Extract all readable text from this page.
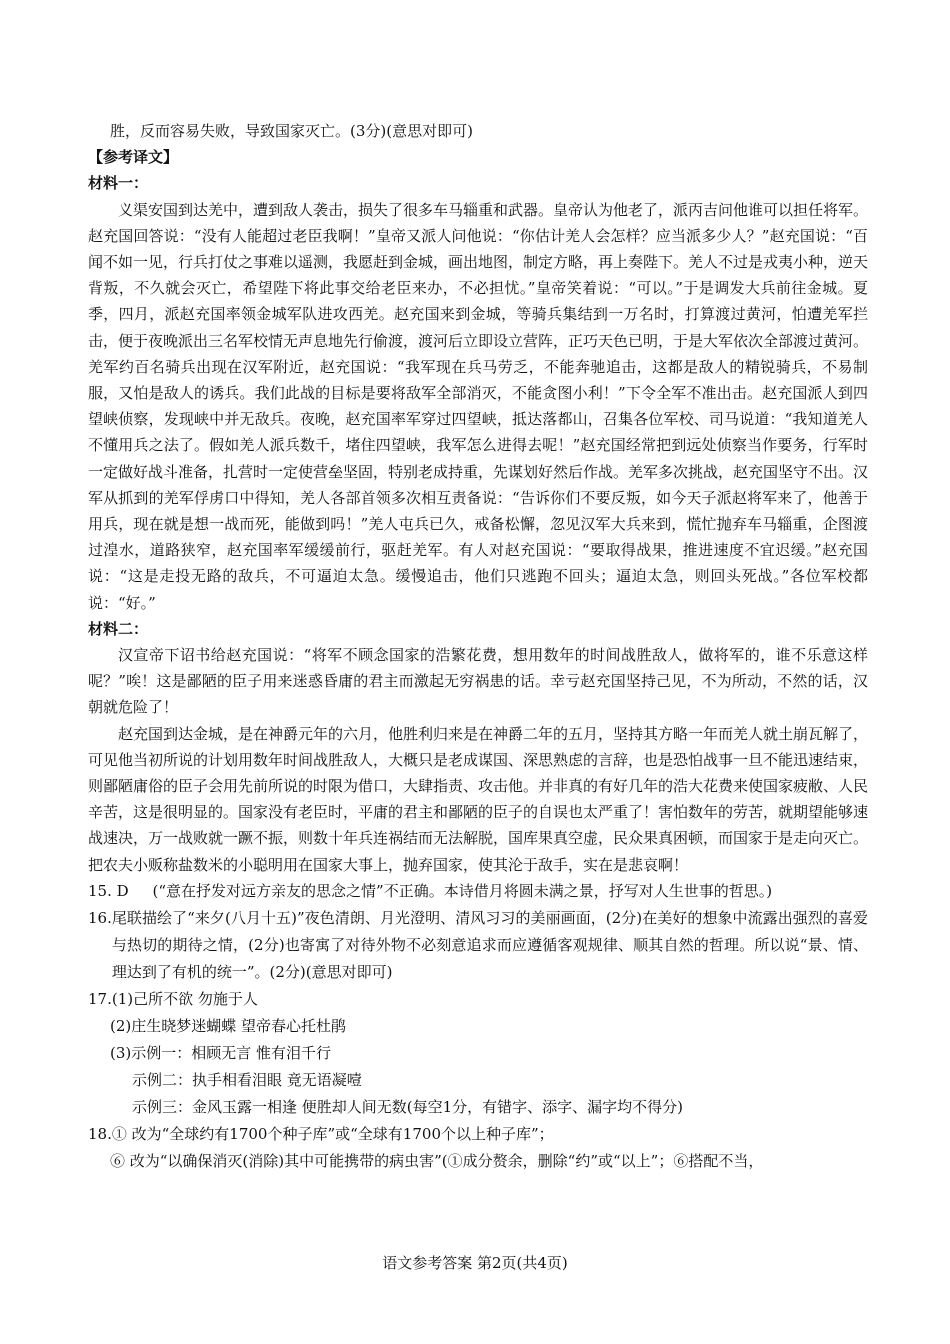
胜，反而容易失败，导致国家灭亡。(3分)(意思对即可)

【参考译文】

材料一：

义渠安国到达羌中，遭到敌人袭击，损失了很多车马辎重和武器。皇帝认为他老了，派丙吉问他谁可以担任将军。赵充国回答说：“没有人能超过老臣我啊！”皇帝又派人问他说：“你估计羌人会怎样？应当派多少人？”赵充国说：“百闻不如一见，行兵打仗之事难以遥测，我愿赶到金城，画出地图，制定方略，再上奏陛下。羌人不过是戎夷小种，逆天背叛，不久就会灭亡，希望陛下将此事交给老臣来办，不必担忧。”皇帝笑着说：“可以。”于是调发大兵前往金城。夏季，四月，派赵充国率领金城军队进攻西羌。赵充国来到金城，等骑兵集结到一万名时，打算渡过黄河，怕遭羌军拦击，便于夜晚派出三名军校情无声息地先行偷渡，渡河后立即设立营阵，正巧天色已明，于是大军依次全部渡过黄河。羌军约百名骑兵出现在汉军附近，赵充国说：“我军现在兵马劳乏，不能奔驰追击，这都是敌人的精锐骑兵，不易制服，又怕是敌人的诱兵。我们此战的目标是要将敌军全部消灭，不能贪图小利！”下令全军不准出击。赵充国派人到四望峡侦察，发现峡中并无敌兵。夜晚，赵充国率军穿过四望峡，抵达落都山，召集各位军校、司马说道：“我知道羌人不懂用兵之法了。假如羌人派兵数千，堵住四望峡，我军怎么进得去呢！”赵充国经常把到远处侦察当作要务，行军时一定做好战斗准备，扎营时一定使营垒坚固，特别老成持重，先谋划好然后作战。羌军多次挑战，赵充国坚守不出。汉军从抓到的羌军俘虏口中得知，羌人各部首领多次相互责备说：“告诉你们不要反叛，如今天子派赵将军来了，他善于用兵，现在就是想一战而死，能做到吗！”羌人屯兵已久，戒备松懈，忽见汉军大兵来到，慌忙抛弃车马辎重，企图渡过湟水，道路狭窄，赵充国率军缓缓前行，驱赶羌军。有人对赵充国说：“要取得战果，推进速度不宜迟缓。”赵充国说：“这是走投无路的敌兵，不可逼迫太急。缓慢追击，他们只逃跑不回头；逼迫太急，则回头死战。”各位军校都说：“好。”

材料二：

汉宣帝下诏书给赵充国说：“将军不顾念国家的浩繁花费，想用数年的时间战胜敌人，做将军的，谁不乐意这样呢？”唉！这是鄙陋的臣子用来迷惑昏庸的君主而激起无穷祸患的话。幸亏赵充国坚持己见，不为所动，不然的话，汉朝就危险了！

赵充国到达金城，是在神爵元年的六月，他胜利归来是在神爵二年的五月，坚持其方略一年而羌人就土崩瓦解了，可见他当初所说的计划用数年时间战胜敌人，大概只是老成谋国、深思熟虑的言辞，也是恐怕战事一旦不能迅速结束，则鄙陋庸俗的臣子会用先前所说的时限为借口，大肆指责、攻击他。并非真的有好几年的浩大花费来使国家疲敝、人民辛苦，这是很明显的。国家没有老臣时，平庸的君主和鄙陋的臣子的自误也太严重了！害怕数年的劳苦，就期望能够速战速决，万一战败就一蹶不振，则数十年兵连祸结而无法解脱，国库果真空虚，民众果真困顿，而国家于是走向灭亡。把农夫小贩称盐数米的小聪明用在国家大事上，抛弃国家，使其沦于敌手，实在是悲哀啊！

15. D (“意在抒发对远方亲友的思念之情”不正确。本诗借月将圆未满之景，抒写对人生世事的哲思。)
16. 尾联描绘了“来夕(八月十五)”夜色清朗、月光澄明、清风习习的美丽画面，(2分)在美好的想象中流露出强烈的喜爱与热切的期待之情，(2分)也寄寓了对待外物不必刻意追求而应遵循客观规律、顺其自然的哲理。所以说“景、情、理达到了有机的统一”。(2分)(意思对即可)
17. (1)己所不欲 勿施于人
(2)庄生晓梦迷蝴蝶 望帝春心托杜鹃
(3)示例一：相顾无言 惟有泪千行
示例二：执手相看泪眼 竟无语凝噎
示例三：金风玉露一相逢 便胜却人间无数(每空1分，有错字、添字、漏字均不得分)
18. ① 改为“全球约有1700个种子库”或“全球有1700个以上种子库”；
⑥ 改为“以确保消灭(消除)其中可能携带的病虫害”(①成分赘余，删除“约”或“以上”；⑥搭配不当，
语文参考答案 第2页(共4页)
